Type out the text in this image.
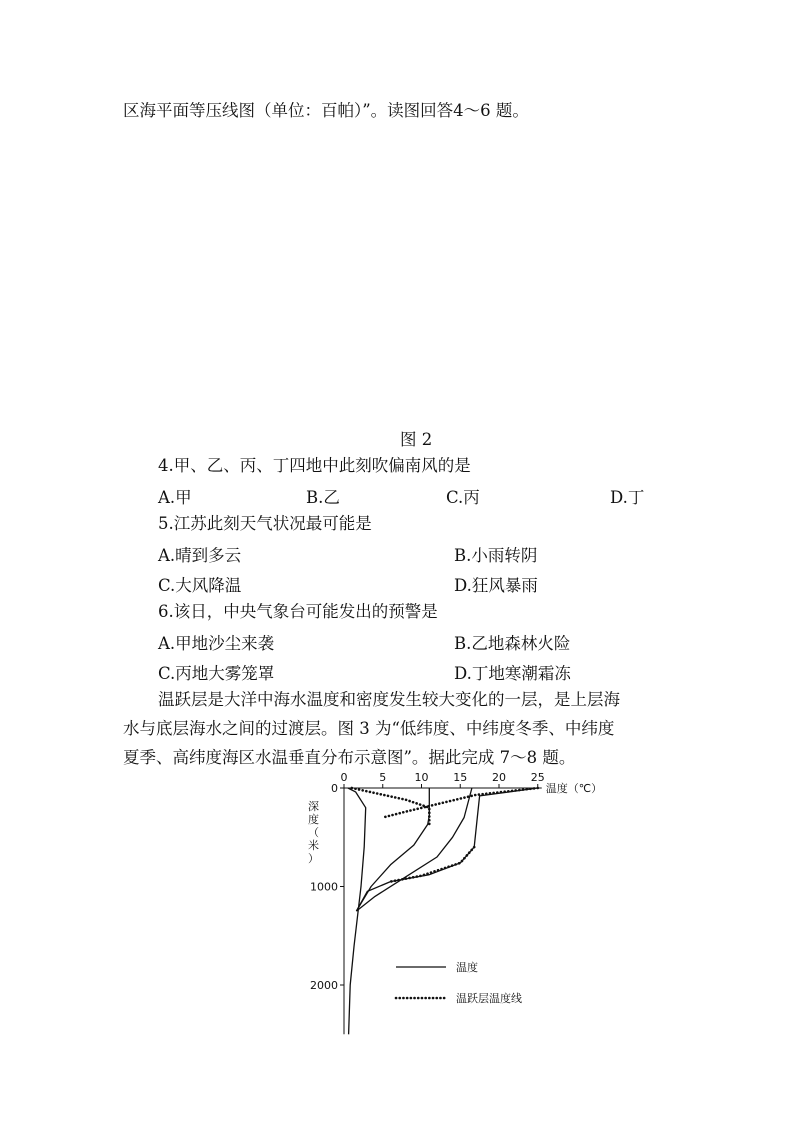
区海平面等压线图（单位：百帕）”。读图回答4～6 题。
图 2
4.甲、乙、丙、丁四地中此刻吹偏南风的是
A.甲	B.乙	C.丙	D.丁
5.江苏此刻天气状况最可能是
A.晴到多云	B.小雨转阴
C.大风降温	D.狂风暴雨
6.该日，中央气象台可能发出的预警是
A.甲地沙尘来袭	B.乙地森林火险
C.丙地大雾笼罩	D.丁地寒潮霜冻
温跃层是大洋中海水温度和密度发生较大变化的一层，是上层海
水与底层海水之间的过渡层。图 3 为“低纬度、中纬度冬季、中纬度
夏季、高纬度海区水温垂直分布示意图”。据此完成 7～8 题。
0	5	10 15 20 25
温度（℃）
0
1000
2000
深度（米）
温度
温跃层温度线
